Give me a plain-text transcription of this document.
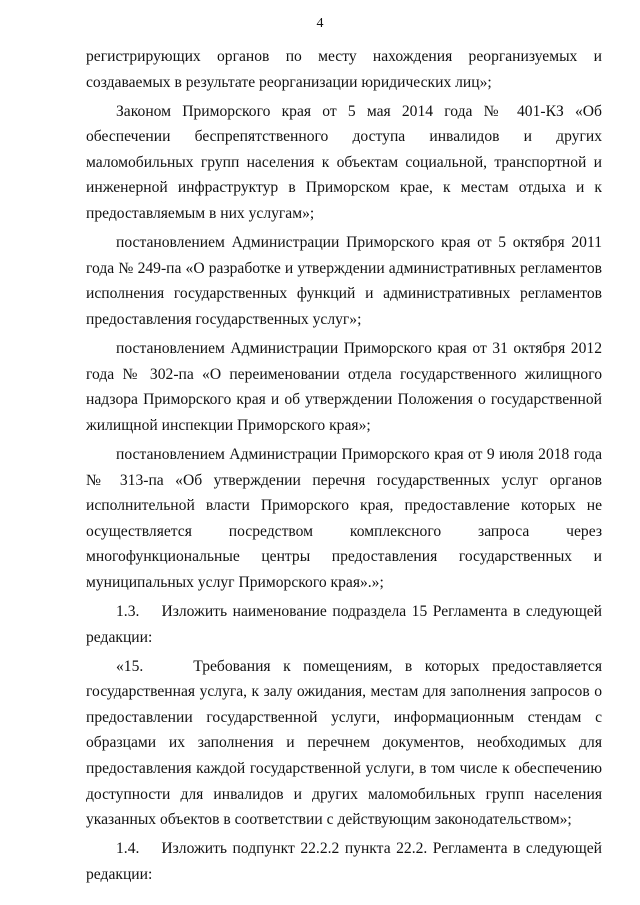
4

регистрирующих органов по месту нахождения реорганизуемых и создаваемых в результате реорганизации юридических лиц»;

Законом Приморского края от 5 мая 2014 года № 401-КЗ «Об обеспечении беспрепятственного доступа инвалидов и других маломобильных групп населения к объектам социальной, транспортной и инженерной инфраструктур в Приморском крае, к местам отдыха и к предоставляемым в них услугам»;

постановлением Администрации Приморского края от 5 октября 2011 года № 249-па «О разработке и утверждении административных регламентов исполнения государственных функций и административных регламентов предоставления государственных услуг»;

постановлением Администрации Приморского края от 31 октября 2012 года № 302-па «О переименовании отдела государственного жилищного надзора Приморского края и об утверждении Положения о государственной жилищной инспекции Приморского края»;

постановлением Администрации Приморского края от 9 июля 2018 года № 313-па «Об утверждении перечня государственных услуг органов исполнительной власти Приморского края, предоставление которых не осуществляется посредством комплексного запроса через многофункциональные центры предоставления государственных и муниципальных услуг Приморского края».»;

1.3.    Изложить наименование подраздела 15 Регламента в следующей редакции:

«15.    Требования к помещениям, в которых предоставляется государственная услуга, к залу ожидания, местам для заполнения запросов о предоставлении государственной услуги, информационным стендам с образцами их заполнения и перечнем документов, необходимых для предоставления каждой государственной услуги, в том числе к обеспечению доступности для инвалидов и других маломобильных групп населения указанных объектов в соответствии с действующим законодательством»;

1.4.    Изложить подпункт 22.2.2 пункта 22.2. Регламента в следующей редакции:
